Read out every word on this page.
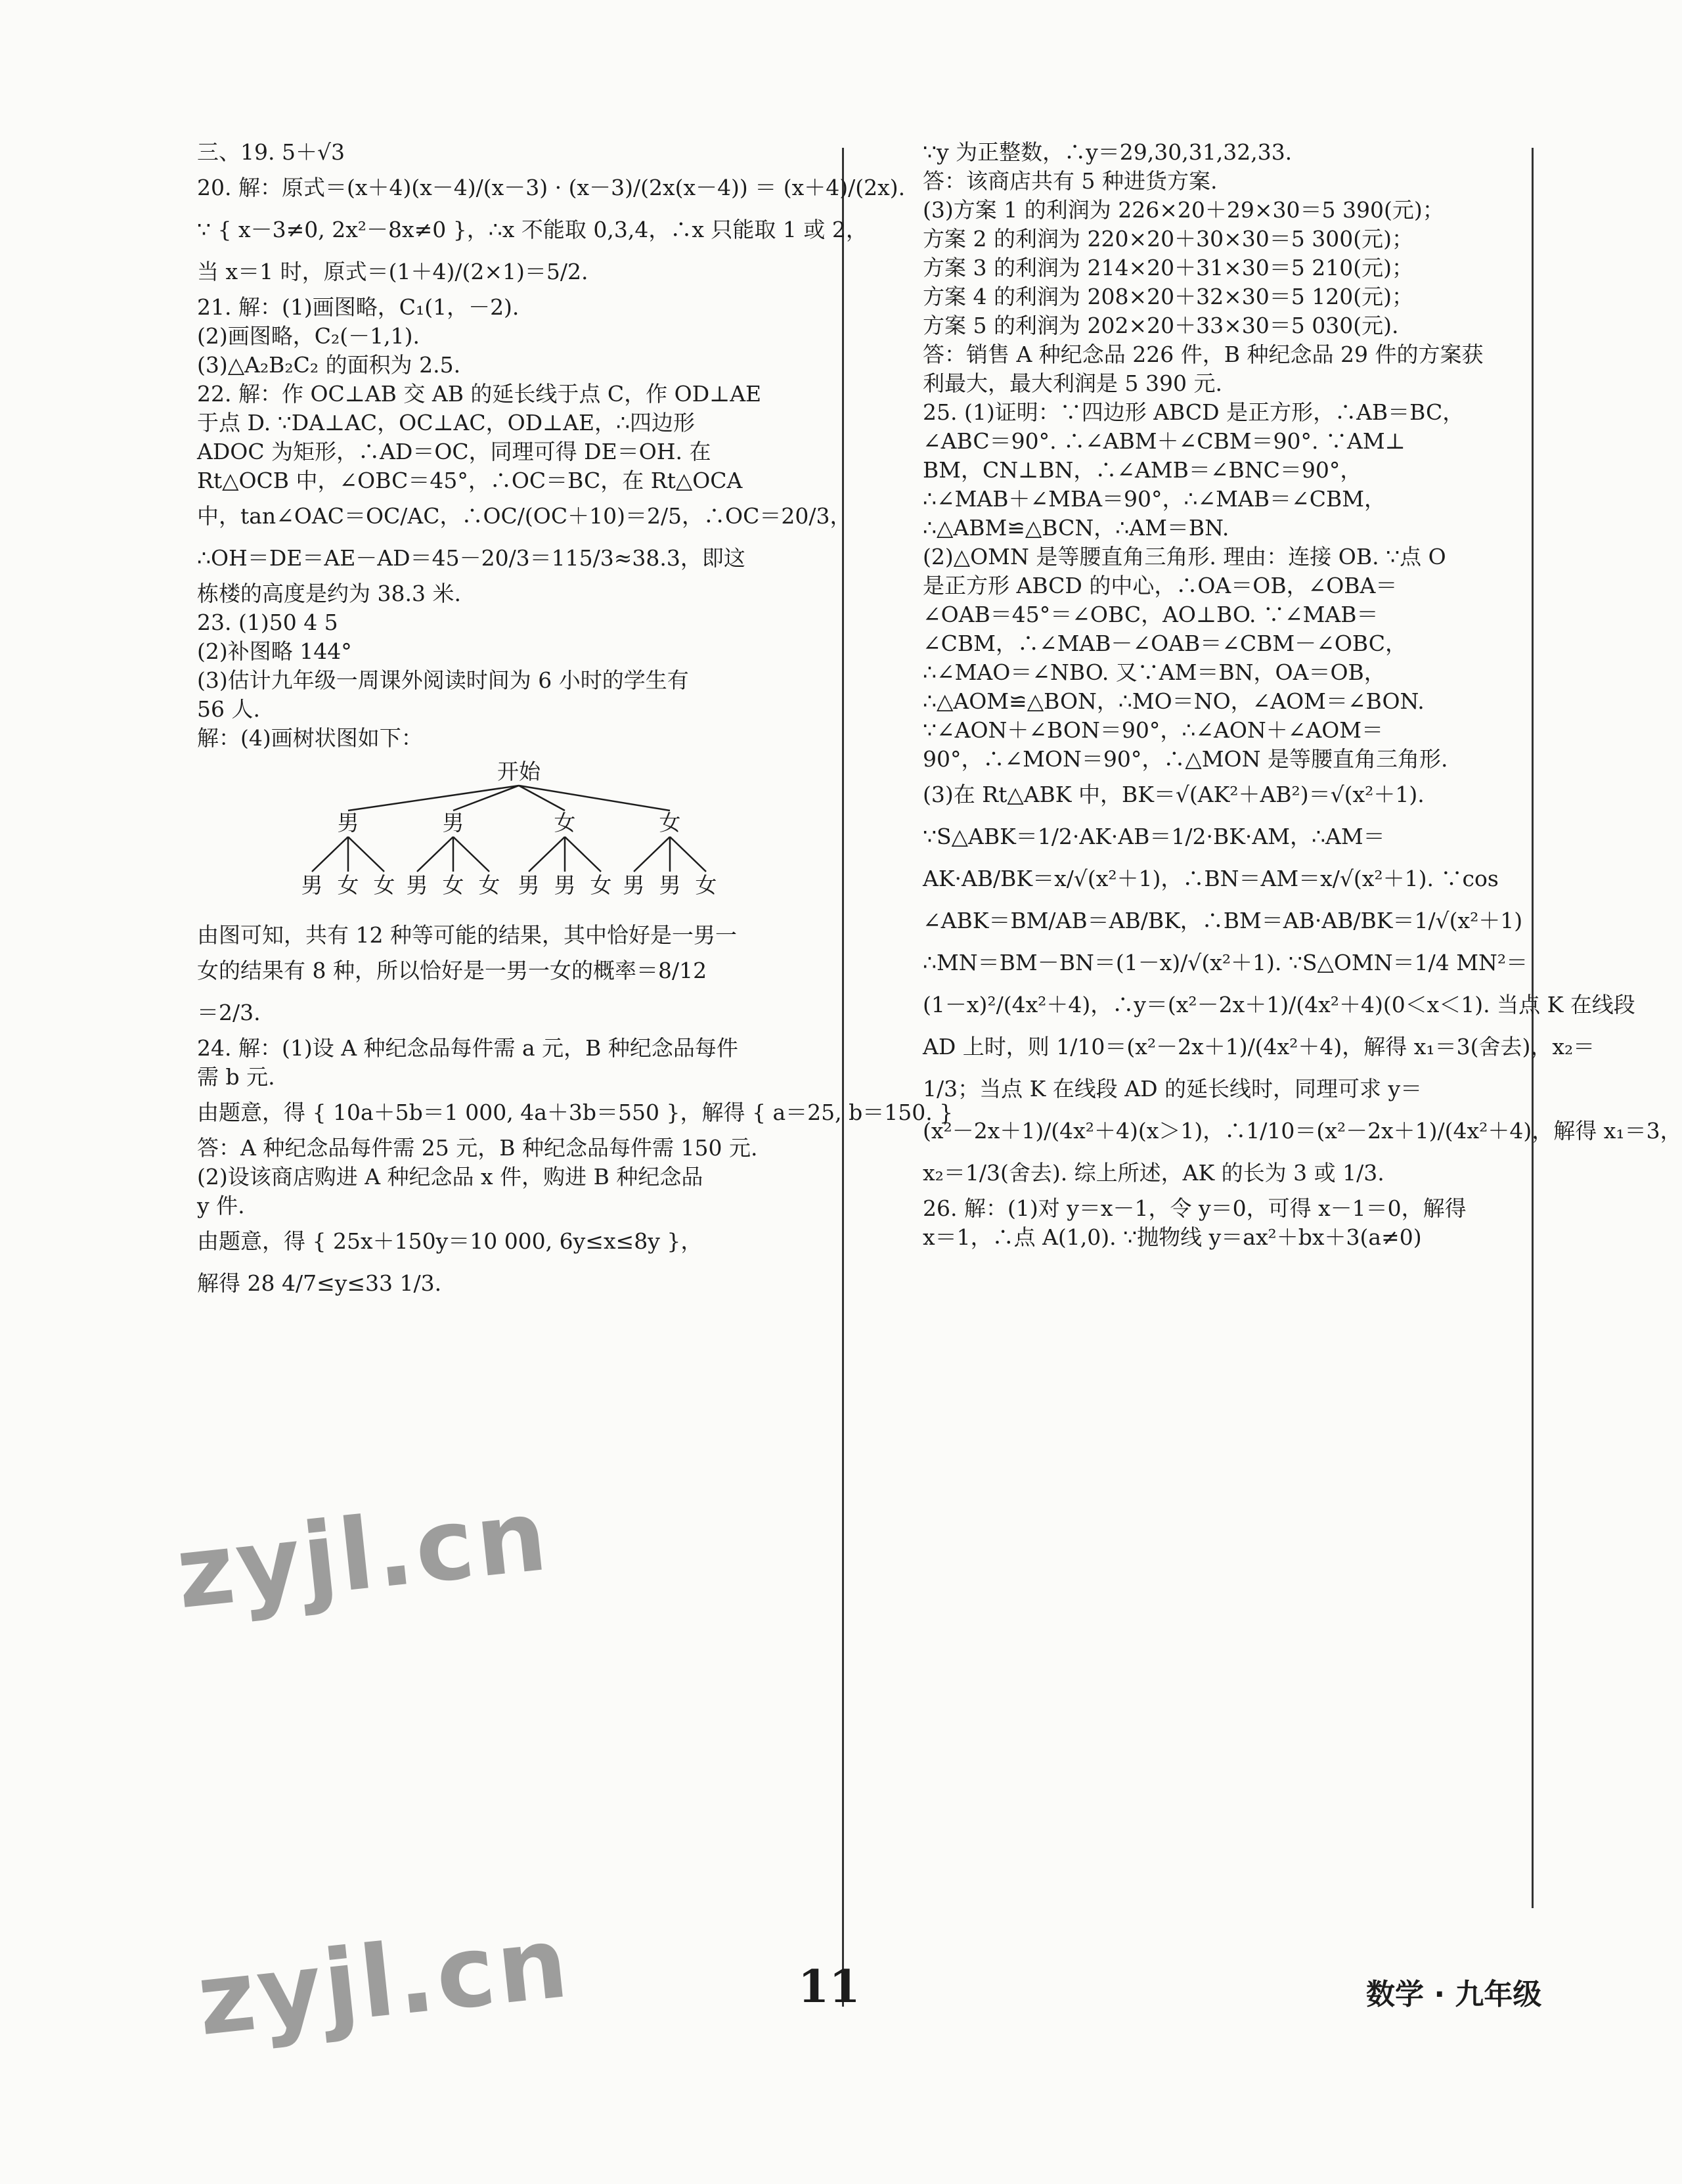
三、19. 5＋√3

20. 解：原式＝(x＋4)(x－4)/(x－3) · (x－3)/(2x(x－4)) ＝ (x＋4)/(2x).

∵ { x－3≠0, 2x²－8x≠0 }，∴x 不能取 0,3,4，∴x 只能取 1 或 2，

当 x＝1 时，原式＝(1＋4)/(2×1)＝5/2.

21. 解：(1)画图略，C₁(1，－2).

(2)画图略，C₂(－1,1).

(3)△A₂B₂C₂ 的面积为 2.5.

22. 解：作 OC⊥AB 交 AB 的延长线于点 C，作 OD⊥AE

于点 D. ∵DA⊥AC，OC⊥AC，OD⊥AE，∴四边形

ADOC 为矩形，∴AD＝OC，同理可得 DE＝OH. 在

Rt△OCB 中，∠OBC＝45°，∴OC＝BC，在 Rt△OCA

中，tan∠OAC＝OC/AC，∴OC/(OC＋10)＝2/5，∴OC＝20/3，

∴OH＝DE＝AE－AD＝45－20/3＝115/3≈38.3，即这

栋楼的高度是约为 38.3 米.

23. (1)50 4 5

(2)补图略 144°

(3)估计九年级一周课外阅读时间为 6 小时的学生有

56 人.

解：(4)画树状图如下：

开始
男	男	女	女
男 女 女 男 女 女 男 男 女 男 男 女

由图可知，共有 12 种等可能的结果，其中恰好是一男一

女的结果有 8 种，所以恰好是一男一女的概率＝8/12

＝2/3.

24. 解：(1)设 A 种纪念品每件需 a 元，B 种纪念品每件

需 b 元.

由题意，得 { 10a＋5b＝1 000, 4a＋3b＝550 }，解得 { a＝25, b＝150. }

答：A 种纪念品每件需 25 元，B 种纪念品每件需 150 元.

(2)设该商店购进 A 种纪念品 x 件，购进 B 种纪念品

y 件.

由题意，得 { 25x＋150y＝10 000, 6y≤x≤8y }，

解得 28 4/7≤y≤33 1/3.

∵y 为正整数，∴y＝29,30,31,32,33.

答：该商店共有 5 种进货方案.

(3)方案 1 的利润为 226×20＋29×30＝5 390(元)；

方案 2 的利润为 220×20＋30×30＝5 300(元)；

方案 3 的利润为 214×20＋31×30＝5 210(元)；

方案 4 的利润为 208×20＋32×30＝5 120(元)；

方案 5 的利润为 202×20＋33×30＝5 030(元).

答：销售 A 种纪念品 226 件，B 种纪念品 29 件的方案获

利最大，最大利润是 5 390 元.

25. (1)证明：∵四边形 ABCD 是正方形，∴AB＝BC，

∠ABC＝90°. ∴∠ABM＋∠CBM＝90°. ∵AM⊥

BM，CN⊥BN，∴∠AMB＝∠BNC＝90°，

∴∠MAB＋∠MBA＝90°，∴∠MAB＝∠CBM，

∴△ABM≌△BCN，∴AM＝BN.

(2)△OMN 是等腰直角三角形. 理由：连接 OB. ∵点 O

是正方形 ABCD 的中心，∴OA＝OB，∠OBA＝

∠OAB＝45°＝∠OBC，AO⊥BO. ∵∠MAB＝

∠CBM，∴∠MAB－∠OAB＝∠CBM－∠OBC，

∴∠MAO＝∠NBO. 又∵AM＝BN，OA＝OB，

∴△AOM≌△BON，∴MO＝NO，∠AOM＝∠BON.

∵∠AON＋∠BON＝90°，∴∠AON＋∠AOM＝

90°，∴∠MON＝90°，∴△MON 是等腰直角三角形.

(3)在 Rt△ABK 中，BK＝√(AK²＋AB²)＝√(x²＋1).

∵S△ABK＝1/2·AK·AB＝1/2·BK·AM，∴AM＝

AK·AB/BK＝x/√(x²＋1)，∴BN＝AM＝x/√(x²＋1). ∵cos

∠ABK＝BM/AB＝AB/BK，∴BM＝AB·AB/BK＝1/√(x²＋1)

∴MN＝BM－BN＝(1－x)/√(x²＋1). ∵S△OMN＝1/4 MN²＝

(1－x)²/(4x²＋4)，∴y＝(x²－2x＋1)/(4x²＋4)(0＜x＜1). 当点 K 在线段

AD 上时，则 1/10＝(x²－2x＋1)/(4x²＋4)，解得 x₁＝3(舍去)，x₂＝

1/3；当点 K 在线段 AD 的延长线时，同理可求 y＝

(x²－2x＋1)/(4x²＋4)(x＞1)，∴1/10＝(x²－2x＋1)/(4x²＋4)，解得 x₁＝3，

x₂＝1/3(舍去). 综上所述，AK 的长为 3 或 1/3.

26. 解：(1)对 y＝x－1，令 y＝0，可得 x－1＝0，解得

x＝1，∴点 A(1,0). ∵抛物线 y＝ax²＋bx＋3(a≠0)

zyjl.cn
zyjl.cn	11	数学 · 九年级
